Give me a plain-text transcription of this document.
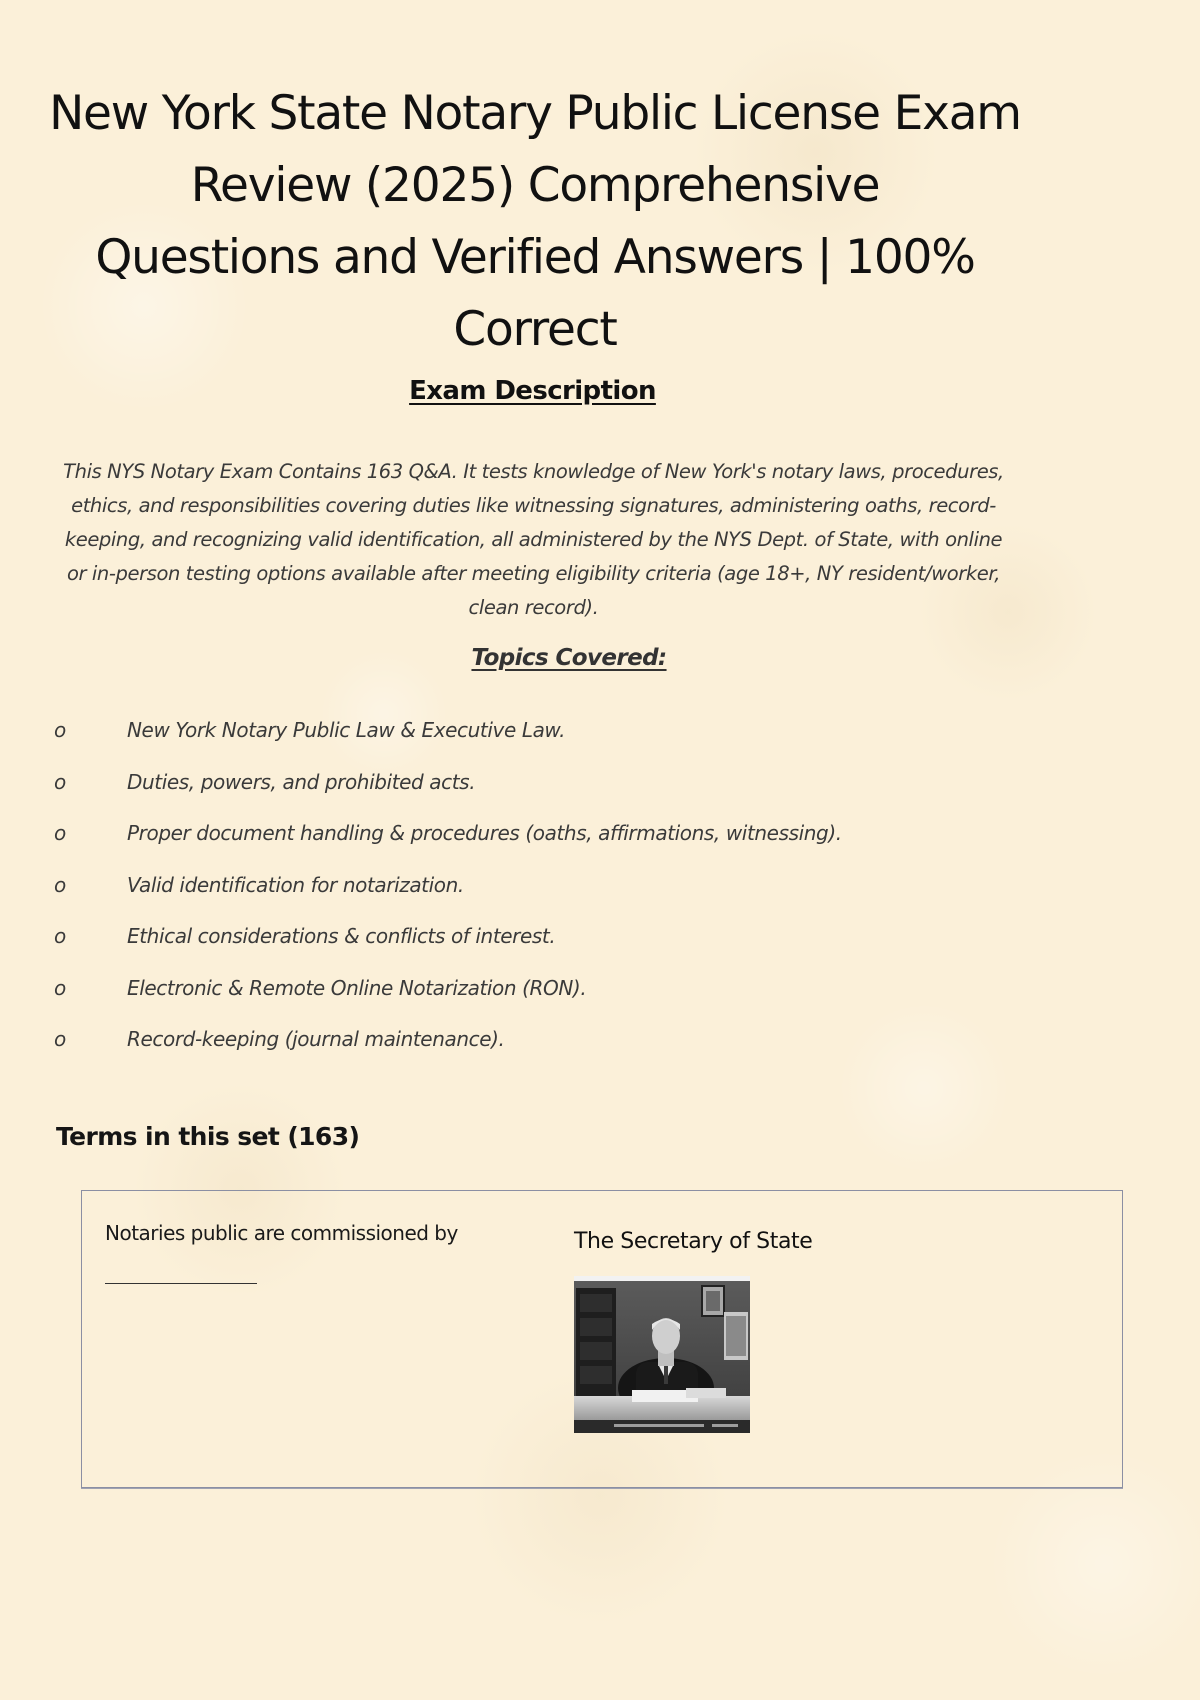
New York State Notary Public License Exam

Review (2025) Comprehensive Questions and Verified Answers | 100% Correct

Exam Description

This NYS Notary Exam Contains 163 Q&A. It tests knowledge of New York's notary laws, procedures, ethics, and responsibilities covering duties like witnessing signatures, administering oaths, record-keeping, and recognizing valid identification, all administered by the NYS Dept. of State, with online or in-person testing options available after meeting eligibility criteria (age 18+, NY resident/worker, clean record).

Topics Covered:
o	New York Notary Public Law & Executive Law.
o	Duties, powers, and prohibited acts.
o	Proper document handling & procedures (oaths, affirmations, witnessing).
o	Valid identification for notarization.
o	Ethical considerations & conflicts of interest.
o	Electronic & Remote Online Notarization (RON).
o	Record-keeping (journal maintenance).
Terms in this set (163)
Notaries public are commissioned by	The Secretary of State
